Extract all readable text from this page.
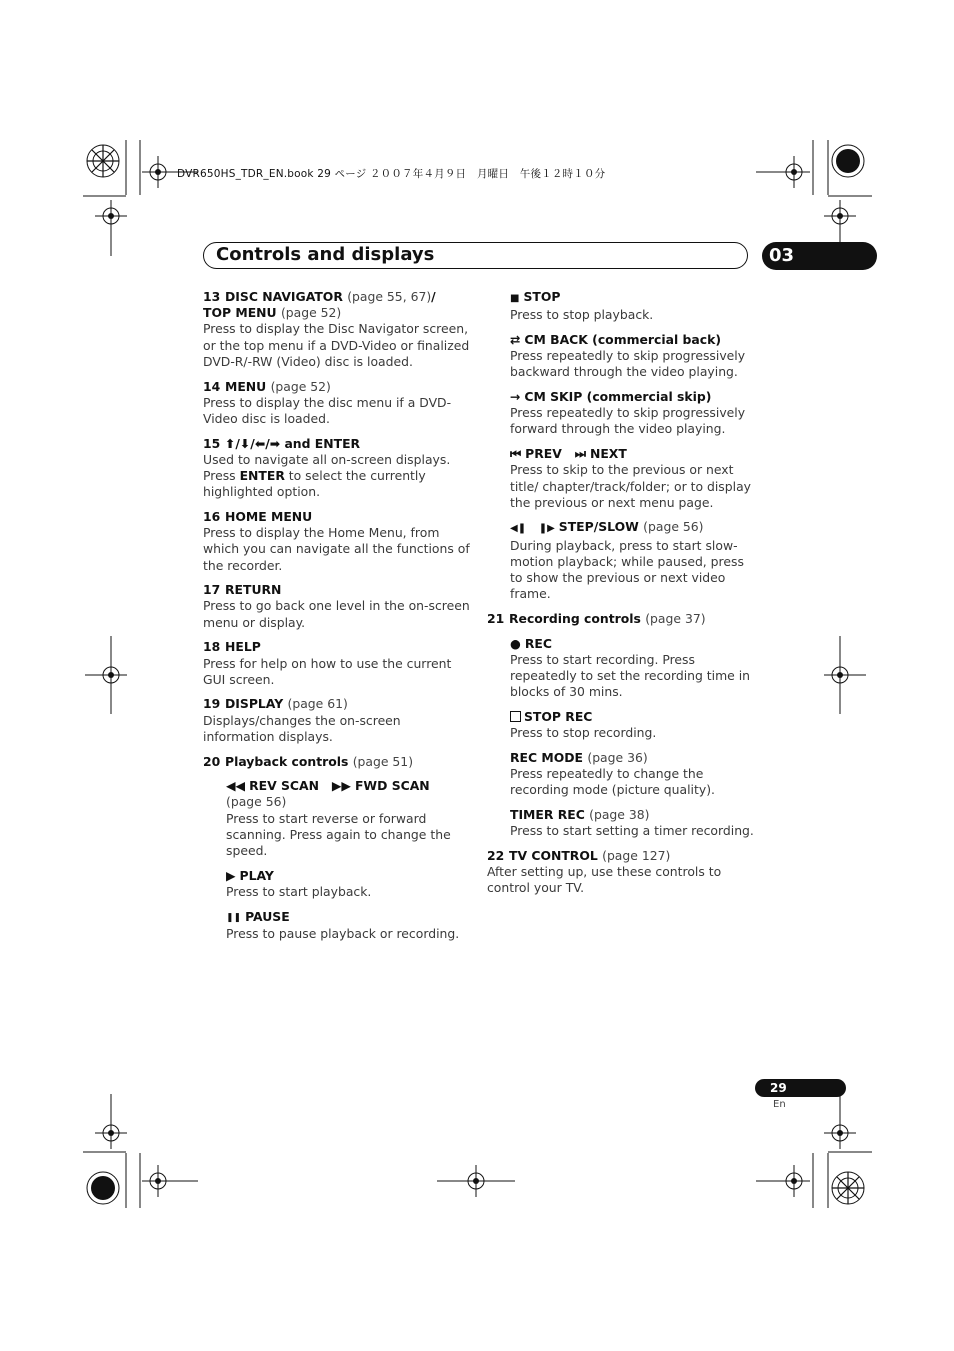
DVR650HS_TDR_EN.book 29 ページ ２００７年４月９日　月曜日　午後１２時１０分
Controls and displays	03
13 DISC NAVIGATOR (page 55, 67)/
TOP MENU (page 52)
Press to display the Disc Navigator screen, or the top menu if a DVD-Video or finalized DVD-R/-RW (Video) disc is loaded.
14 MENU (page 52)
Press to display the disc menu if a DVD-Video disc is loaded.
15 ⬆/⬇/⬅/➡ and ENTER
Used to navigate all on-screen displays. Press ENTER to select the currently highlighted option.
16 HOME MENU
Press to display the Home Menu, from which you can navigate all the functions of the recorder.
17 RETURN
Press to go back one level in the on-screen menu or display.
18 HELP
Press for help on how to use the current GUI screen.
19 DISPLAY (page 61)
Displays/changes the on-screen information displays.
20 Playback controls (page 51)
◀◀ REV SCAN ▶▶ FWD SCAN
(page 56)
Press to start reverse or forward scanning. Press again to change the speed.
▶ PLAY
Press to start playback.
❚❚ PAUSE
Press to pause playback or recording.
■ STOP
Press to stop playback.
⇄ CM BACK (commercial back)
Press repeatedly to skip progressively backward through the video playing.
→ CM SKIP (commercial skip)
Press repeatedly to skip progressively forward through the video playing.
⏮ PREV ⏭ NEXT
Press to skip to the previous or next title/ chapter/track/folder; or to display the previous or next menu page.
◀❚ ❚▶ STEP/SLOW (page 56)
During playback, press to start slow-motion playback; while paused, press to show the previous or next video frame.
21 Recording controls (page 37)
● REC
Press to start recording. Press repeatedly to set the recording time in blocks of 30 mins.
STOP REC
Press to stop recording.
REC MODE (page 36)
Press repeatedly to change the recording mode (picture quality).
TIMER REC (page 38)
Press to start setting a timer recording.
22 TV CONTROL (page 127)
After setting up, use these controls to control your TV.
29
En
